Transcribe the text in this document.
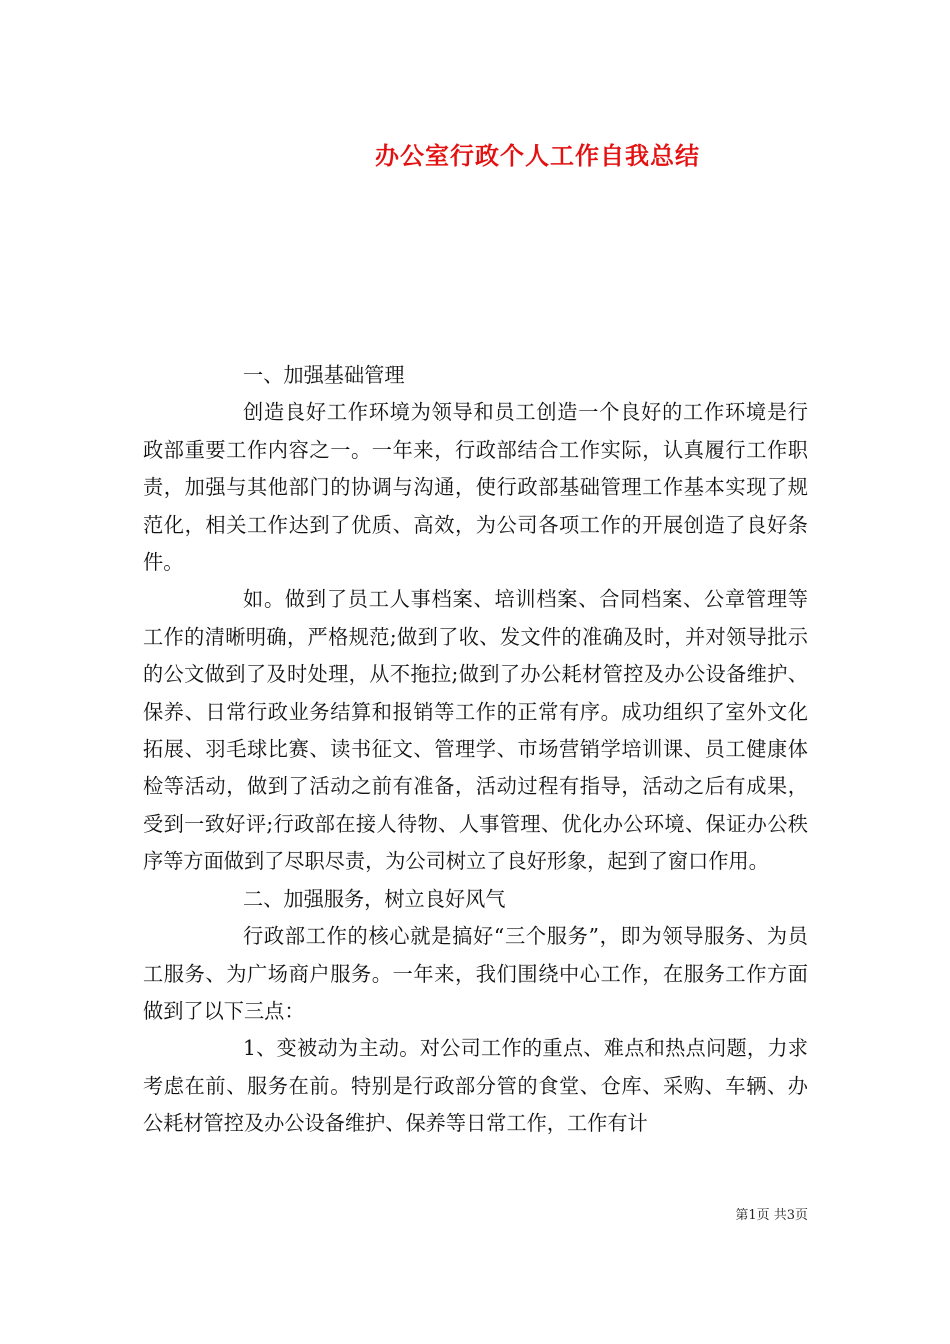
办公室行政个人工作自我总结

一、加强基础管理

创造良好工作环境为领导和员工创造一个良好的工作环境是行政部重要工作内容之一。一年来，行政部结合工作实际，认真履行工作职责，加强与其他部门的协调与沟通，使行政部基础管理工作基本实现了规范化，相关工作达到了优质、高效，为公司各项工作的开展创造了良好条件。

如。做到了员工人事档案、培训档案、合同档案、公章管理等工作的清晰明确，严格规范;做到了收、发文件的准确及时，并对领导批示的公文做到了及时处理，从不拖拉;做到了办公耗材管控及办公设备维护、保养、日常行政业务结算和报销等工作的正常有序。成功组织了室外文化拓展、羽毛球比赛、读书征文、管理学、市场营销学培训课、员工健康体检等活动，做到了活动之前有准备，活动过程有指导，活动之后有成果，受到一致好评;行政部在接人待物、人事管理、优化办公环境、保证办公秩序等方面做到了尽职尽责，为公司树立了良好形象，起到了窗口作用。

二、加强服务，树立良好风气

行政部工作的核心就是搞好“三个服务”，即为领导服务、为员工服务、为广场商户服务。一年来，我们围绕中心工作，在服务工作方面做到了以下三点：

1、变被动为主动。对公司工作的重点、难点和热点问题，力求考虑在前、服务在前。特别是行政部分管的食堂、仓库、采购、车辆、办公耗材管控及办公设备维护、保养等日常工作，工作有计

第1页 共3页
